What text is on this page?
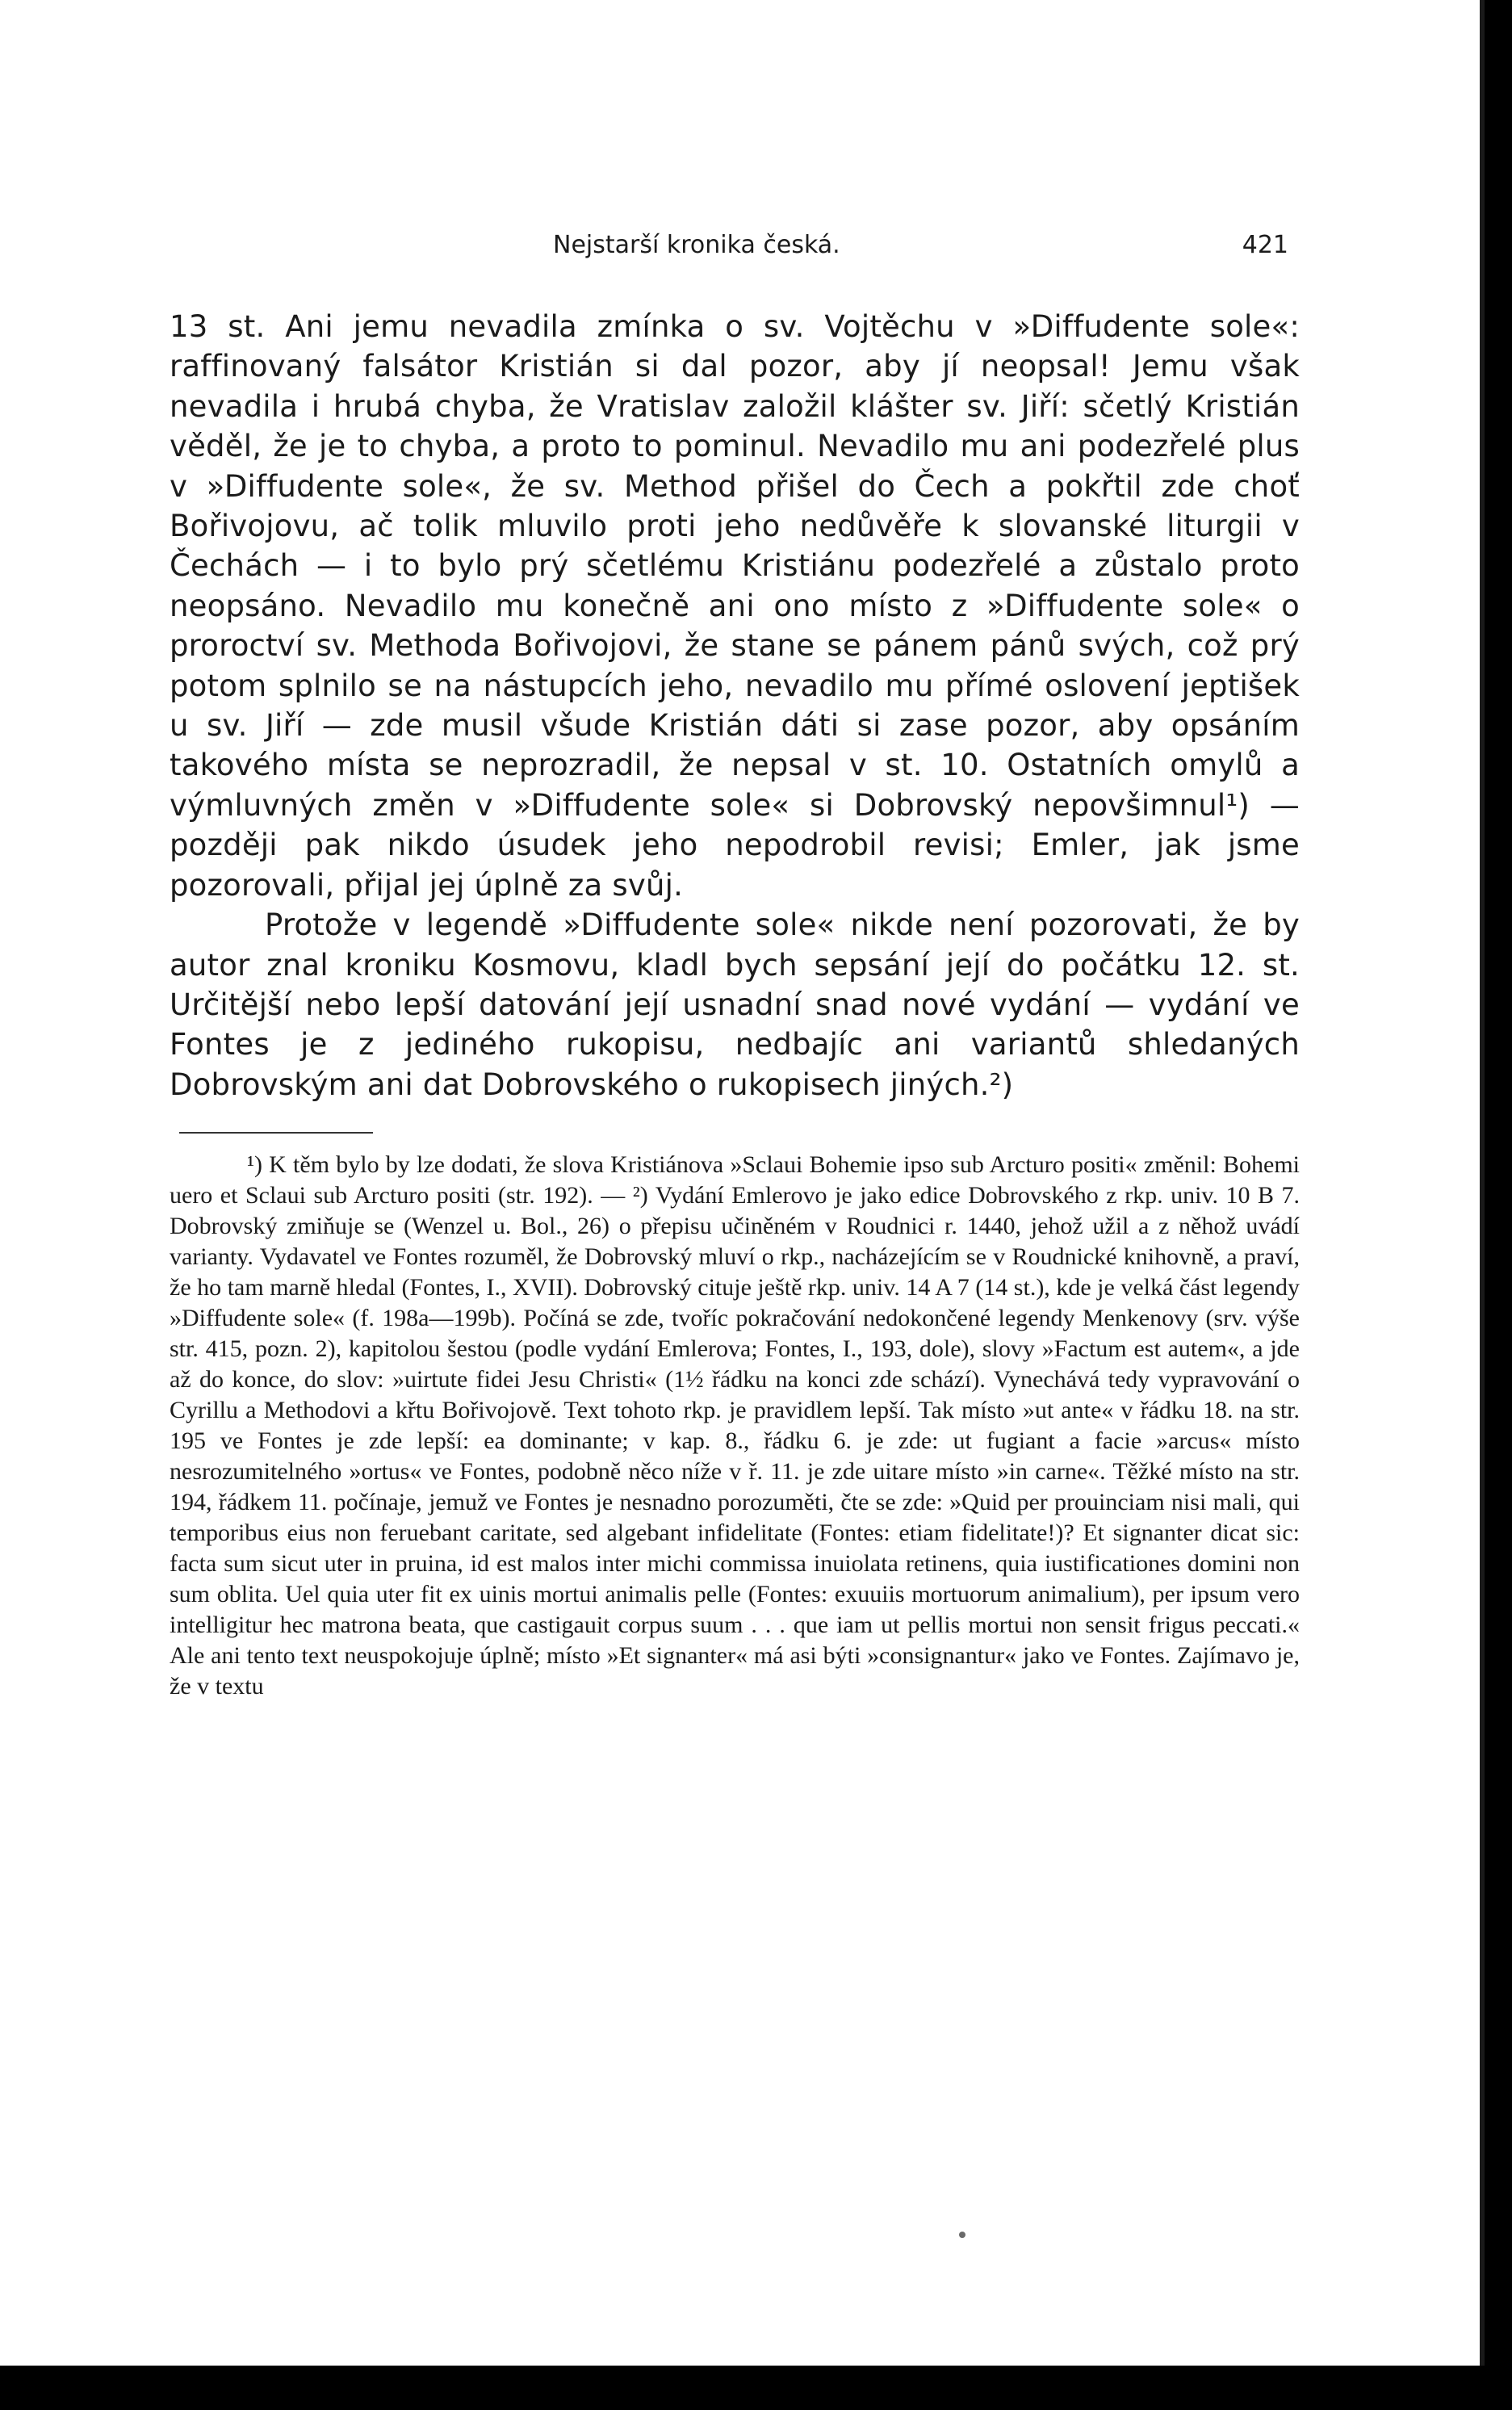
Nejstarší kronika česká.	421

13 st. Ani jemu nevadila zmínka o sv. Vojtěchu v »Diffudente sole«: raffinovaný falsátor Kristián si dal pozor, aby jí neopsal! Jemu však nevadila i hrubá chyba, že Vratislav založil klášter sv. Jiří: sčetlý Kristián věděl, že je to chyba, a proto to pominul. Nevadilo mu ani podezřelé plus v »Diffudente sole«, že sv. Method přišel do Čech a pokřtil zde choť Bořivojovu, ač tolik mluvilo proti jeho nedůvěře k slovanské liturgii v Čechách — i to bylo prý sčetlému Kristiánu podezřelé a zůstalo proto neopsáno. Nevadilo mu konečně ani ono místo z »Diffudente sole« o proroctví sv. Methoda Bořivojovi, že stane se pánem pánů svých, což prý potom splnilo se na nástupcích jeho, nevadilo mu přímé oslovení jeptišek u sv. Jiří — zde musil všude Kristián dáti si zase pozor, aby opsáním takového místa se neprozradil, že nepsal v st. 10. Ostatních omylů a výmluvných změn v »Diffudente sole« si Dobrovský nepovšimnul¹) — později pak nikdo úsudek jeho nepodrobil revisi; Emler, jak jsme pozorovali, přijal jej úplně za svůj.

Protože v legendě »Diffudente sole« nikde není pozorovati, že by autor znal kroniku Kosmovu, kladl bych sepsání její do počátku 12. st. Určitější nebo lepší datování její usnadní snad nové vydání — vydání ve Fontes je z jediného rukopisu, nedbajíc ani variantů shledaných Dobrovským ani dat Dobrovského o rukopisech jiných.²)

¹) K těm bylo by lze dodati, že slova Kristiánova »Sclaui Bohemie ipso sub Arcturo positi« změnil: Bohemi uero et Sclaui sub Arcturo positi (str. 192). — ²) Vydání Emlerovo je jako edice Dobrovského z rkp. univ. 10 B 7. Dobrovský zmiňuje se (Wenzel u. Bol., 26) o přepisu učiněném v Roudnici r. 1440, jehož užil a z něhož uvádí varianty. Vydavatel ve Fontes rozuměl, že Dobrovský mluví o rkp., nacházejícím se v Roudnické knihovně, a praví, že ho tam marně hledal (Fontes, I., XVII). Dobrovský cituje ještě rkp. univ. 14 A 7 (14 st.), kde je velká část legendy »Diffudente sole« (f. 198a—199b). Počíná se zde, tvoříc pokračování nedokončené legendy Menkenovy (srv. výše str. 415, pozn. 2), kapitolou šestou (podle vydání Emlerova; Fontes, I., 193, dole), slovy »Factum est autem«, a jde až do konce, do slov: »uirtute fidei Jesu Christi« (1½ řádku na konci zde schází). Vynechává tedy vypravování o Cyrillu a Methodovi a křtu Bořivojově. Text tohoto rkp. je pravidlem lepší. Tak místo »ut ante« v řádku 18. na str. 195 ve Fontes je zde lepší: ea dominante; v kap. 8., řádku 6. je zde: ut fugiant a facie »arcus« místo nesrozumitelného »ortus« ve Fontes, podobně něco níže v ř. 11. je zde uitare místo »in carne«. Těžké místo na str. 194, řádkem 11. počínaje, jemuž ve Fontes je nesnadno porozuměti, čte se zde: »Quid per prouinciam nisi mali, qui temporibus eius non feruebant caritate, sed algebant infidelitate (Fontes: etiam fidelitate!)? Et signanter dicat sic: facta sum sicut uter in pruina, id est malos inter michi commissa inuiolata retinens, quia iustificationes domini non sum oblita. Uel quia uter fit ex uinis mortui animalis pelle (Fontes: exuuiis mortuorum animalium), per ipsum vero intelligitur hec matrona beata, que castigauit corpus suum . . . que iam ut pellis mortui non sensit frigus peccati.« Ale ani tento text neuspokojuje úplně; místo »Et signanter« má asi býti »consignantur« jako ve Fontes. Zajímavo je, že v textu
